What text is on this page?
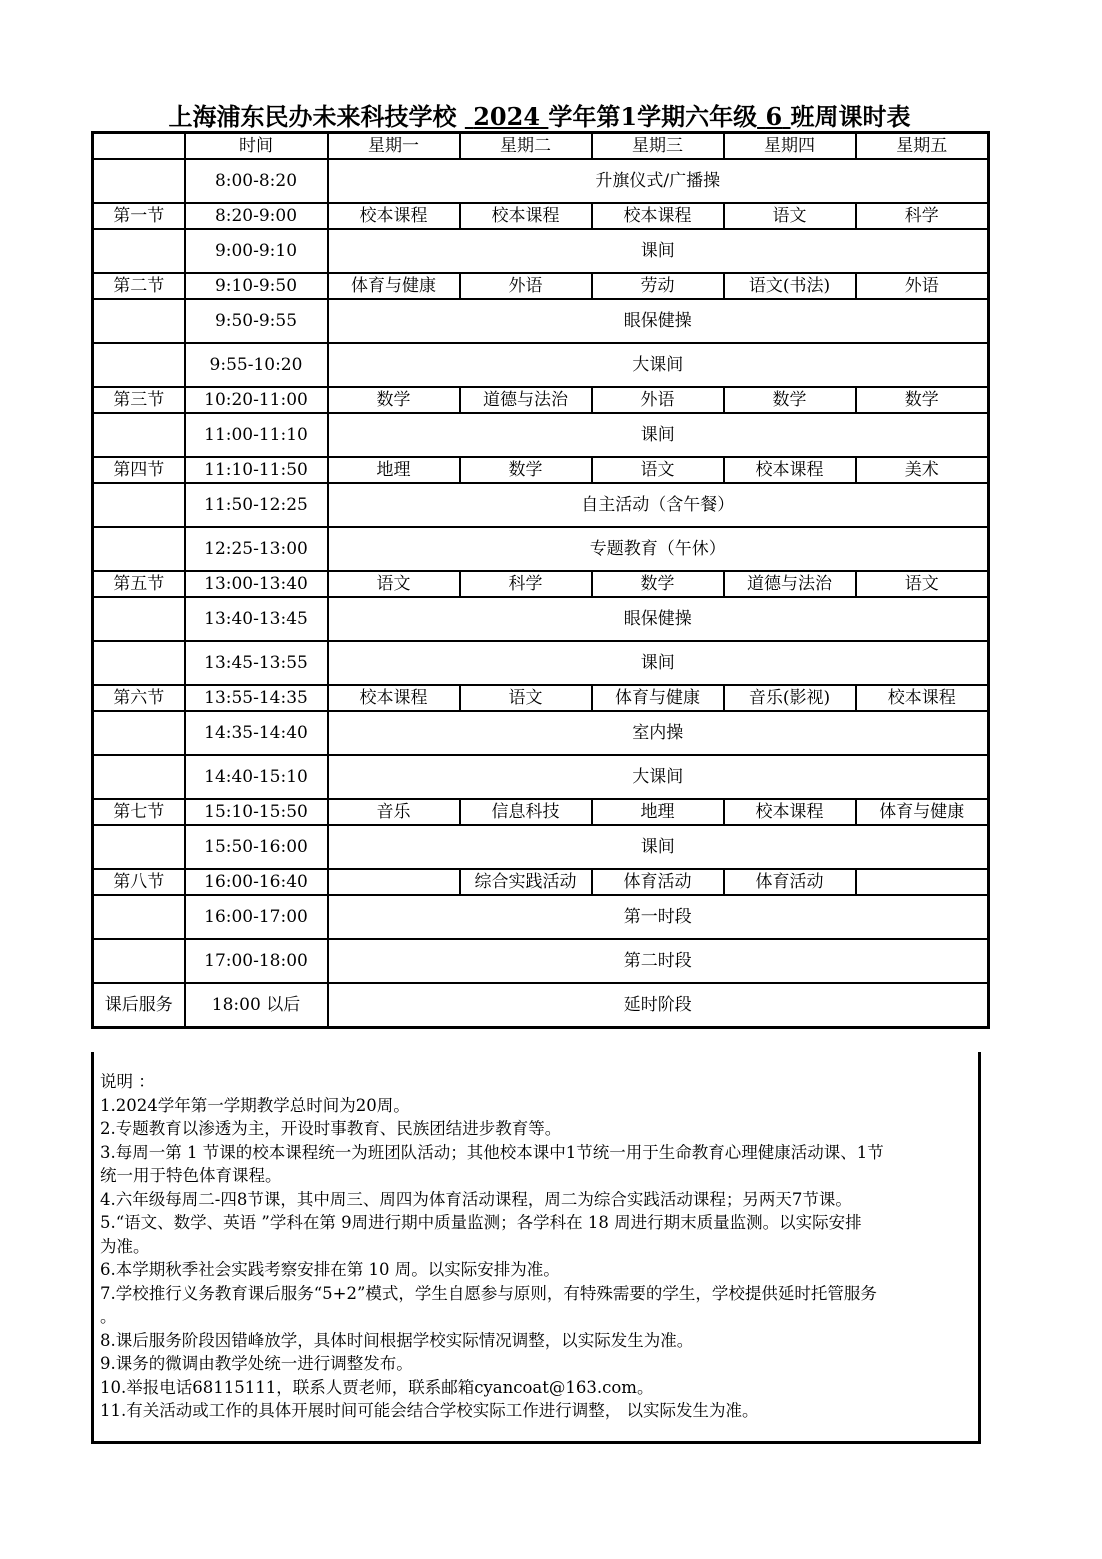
上海浦东民办未来科技学校 2024 学年第1学期六年级 6 班周课时表
	时间	星期一	星期二	星期三	星期四	星期五
	8:00-8:20	升旗仪式/广播操				
第一节	8:20-9:00	校本课程	校本课程	校本课程	语文	科学
	9:00-9:10	课间				
第二节	9:10-9:50	体育与健康	外语	劳动	语文(书法)	外语
	9:50-9:55	眼保健操				
	9:55-10:20	大课间				
第三节	10:20-11:00	数学	道德与法治	外语	数学	数学
	11:00-11:10	课间				
第四节	11:10-11:50	地理	数学	语文	校本课程	美术
	11:50-12:25	自主活动（含午餐）				
	12:25-13:00	专题教育（午休）				
第五节	13:00-13:40	语文	科学	数学	道德与法治	语文
	13:40-13:45	眼保健操				
	13:45-13:55	课间				
第六节	13:55-14:35	校本课程	语文	体育与健康	音乐(影视)	校本课程
	14:35-14:40	室内操				
	14:40-15:10	大课间				
第七节	15:10-15:50	音乐	信息科技	地理	校本课程	体育与健康
	15:50-16:00	课间				
第八节	16:00-16:40		综合实践活动	体育活动	体育活动	
	16:00-17:00	第一时段				
	17:00-18:00	第二时段				
课后服务	18:00 以后	延时阶段				
说明 ：
1.2024学年第一学期教学总时间为20周。
2.专题教育以渗透为主，开设时事教育、民族团结进步教育等。
3.每周一第 1 节课的校本课程统一为班团队活动；其他校本课中1节统一用于生命教育心理健康活动课、1节
统一用于特色体育课程。
4.六年级每周二-四8节课，其中周三、周四为体育活动课程，周二为综合实践活动课程；另两天7节课。
5.“语文、数学、英语 ”学科在第 9周进行期中质量监测；各学科在 18 周进行期末质量监测。以实际安排
为准。
6.本学期秋季社会实践考察安排在第 10 周。以实际安排为准。
7.学校推行义务教育课后服务“5+2”模式，学生自愿参与原则，有特殊需要的学生，学校提供延时托管服务
。
8.课后服务阶段因错峰放学，具体时间根据学校实际情况调整，以实际发生为准。
9.课务的微调由教学处统一进行调整发布。
10.举报电话68115111，联系人贾老师，联系邮箱cyancoat@163.com。
11.有关活动或工作的具体开展时间可能会结合学校实际工作进行调整， 以实际发生为准。
